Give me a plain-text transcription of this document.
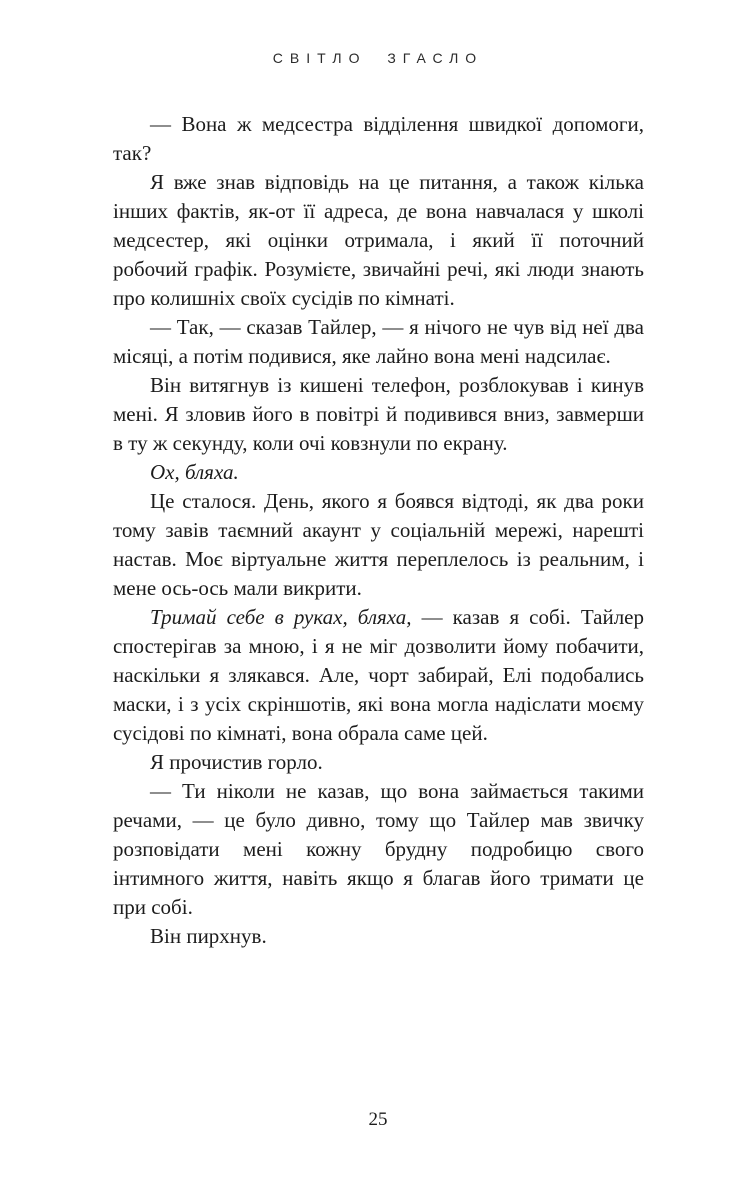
СВІТЛО ЗГАСЛО

— Вона ж медсестра відділення швидкої допомоги, так?

Я вже знав відповідь на це питання, а також кілька інших фактів, як-от її адреса, де вона навчалася у школі медсестер, які оцінки отримала, і який її поточний робочий графік. Розумієте, звичайні речі, які люди знають про колишніх своїх сусідів по кімнаті.

— Так, — сказав Тайлер, — я нічого не чув від неї два місяці, а потім подивися, яке лайно вона мені надсилає.

Він витягнув із кишені телефон, розблокував і кинув мені. Я зловив його в повітрі й подивився вниз, завмерши в ту ж секунду, коли очі ковзнули по екрану.

Ох, бляха.

Це сталося. День, якого я боявся відтоді, як два роки тому завів таємний акаунт у соціальній мережі, нарешті настав. Моє віртуальне життя переплелось із реальним, і мене ось-ось мали викрити.

Тримай себе в руках, бляха, — казав я собі. Тайлер спостерігав за мною, і я не міг дозволити йому побачити, наскільки я злякався. Але, чорт забирай, Елі подобались маски, і з усіх скріншотів, які вона могла надіслати моєму сусідові по кімнаті, вона обрала саме цей.

Я прочистив горло.

— Ти ніколи не казав, що вона займається такими речами, — це було дивно, тому що Тайлер мав звичку розповідати мені кожну брудну подробицю свого інтимного життя, навіть якщо я благав його тримати це при собі.

Він пирхнув.

25
